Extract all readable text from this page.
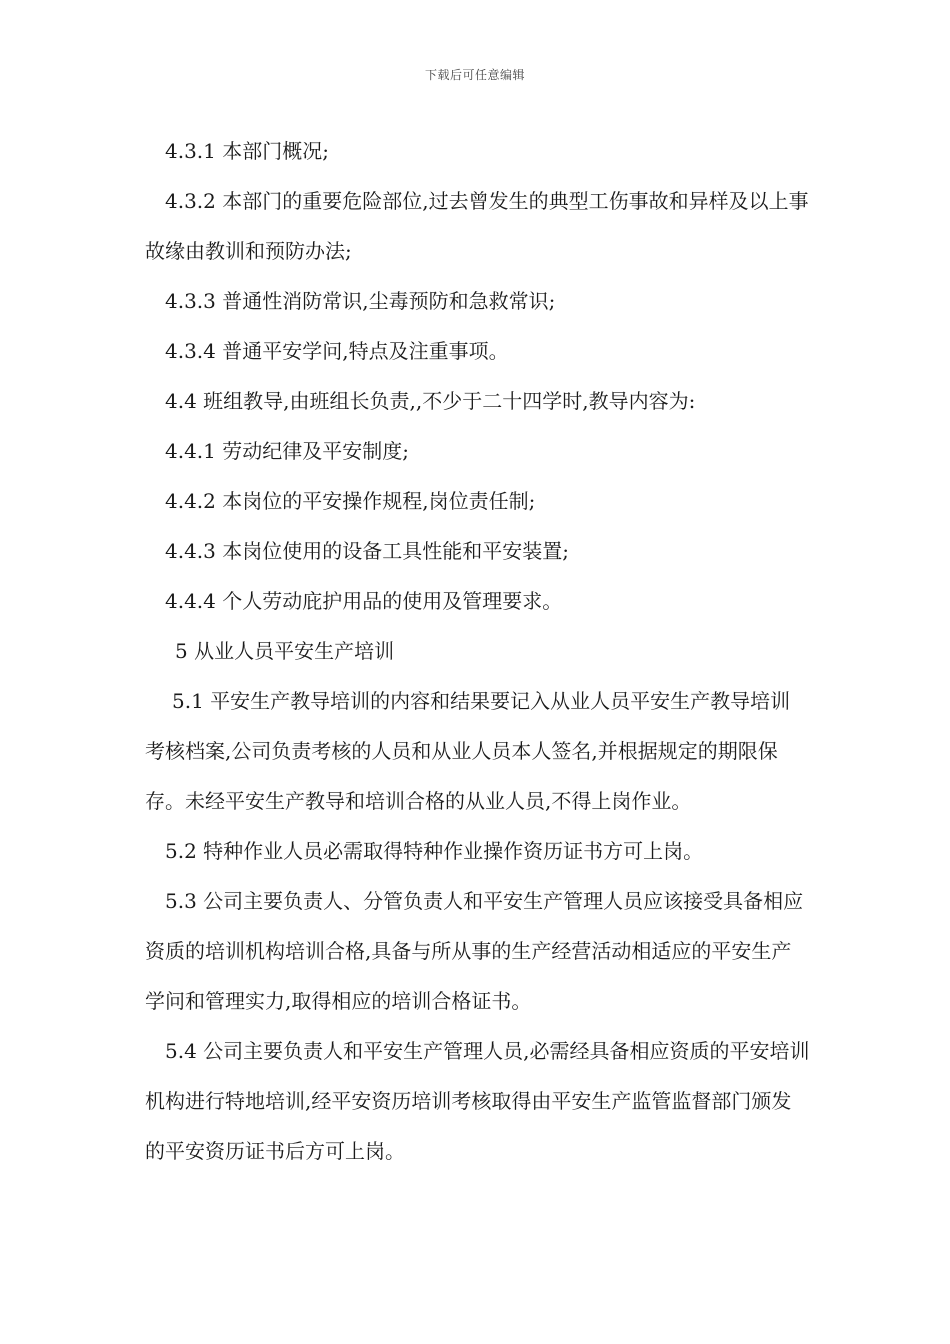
下载后可任意编辑

4.3.1 本部门概况;

4.3.2 本部门的重要危险部位,过去曾发生的典型工伤事故和异样及以上事故缘由教训和预防办法;

4.3.3 普通性消防常识,尘毒预防和急救常识;

4.3.4 普通平安学问,特点及注重事项。

4.4 班组教导,由班组长负责,,不少于二十四学时,教导内容为:

4.4.1 劳动纪律及平安制度;

4.4.2 本岗位的平安操作规程,岗位责任制;

4.4.3 本岗位使用的设备工具性能和平安装置;

4.4.4 个人劳动庇护用品的使用及管理要求。

5 从业人员平安生产培训

5.1 平安生产教导培训的内容和结果要记入从业人员平安生产教导培训考核档案,公司负责考核的人员和从业人员本人签名,并根据规定的期限保存。未经平安生产教导和培训合格的从业人员,不得上岗作业。

5.2 特种作业人员必需取得特种作业操作资历证书方可上岗。

5.3 公司主要负责人、分管负责人和平安生产管理人员应该接受具备相应资质的培训机构培训合格,具备与所从事的生产经营活动相适应的平安生产学问和管理实力,取得相应的培训合格证书。

5.4 公司主要负责人和平安生产管理人员,必需经具备相应资质的平安培训机构进行特地培训,经平安资历培训考核取得由平安生产监管监督部门颁发的平安资历证书后方可上岗。
